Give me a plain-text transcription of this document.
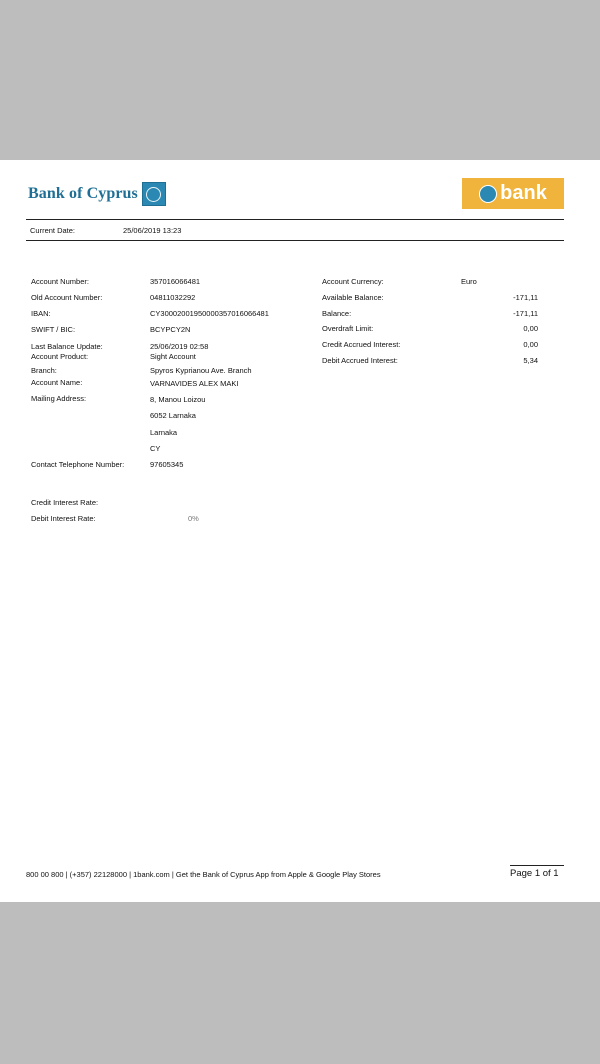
Bank of Cyprus	bank
Current Date:	25/06/2019 13:23
Account Number:	357016066481
Old Account Number:	04811032292
IBAN:	CY30002001950000357016066481
SWIFT / BIC:	BCYPCY2N
Last Balance Update:	25/06/2019 02:58
Account Product:	Sight Account
Branch:	Spyros Kyprianou Ave. Branch
Account Name:	VARNAVIDES ALEX MAKI
Mailing Address:	8, Manou Loizou
6052 Larnaka
Larnaka
CY
Contact Telephone Number:	97605345
Account Currency:	Euro
Available Balance:	-171,11
Balance:	-171,11
Overdraft Limit:	0,00
Credit Accrued Interest:	0,00
Debit Accrued Interest:	5,34
Credit Interest Rate:
Debit Interest Rate:	0%
800 00 800 | (+357) 22128000 | 1bank.com | Get the Bank of Cyprus App from Apple & Google Play Stores	Page 1 of 1
